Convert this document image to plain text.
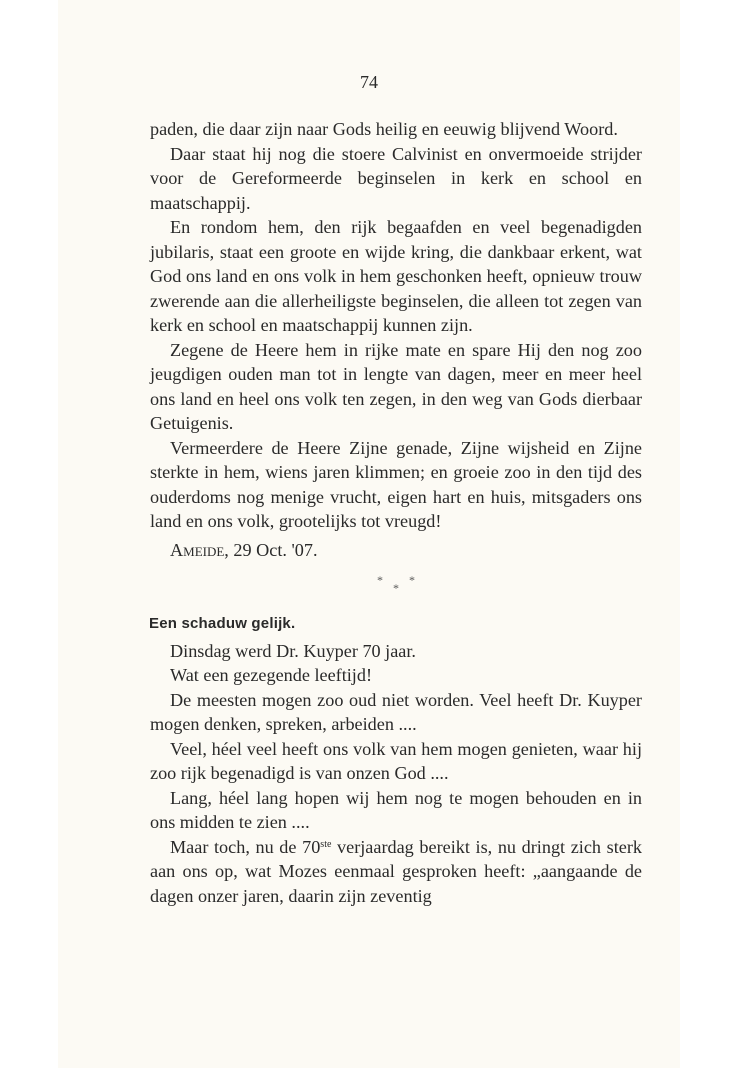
74

paden, die daar zijn naar Gods heilig en eeuwig blijvend Woord.

Daar staat hij nog die stoere Calvinist en onvermoeide strijder voor de Gereformeerde beginselen in kerk en school en maatschappij.

En rondom hem, den rijk begaafden en veel begenadigden jubilaris, staat een groote en wijde kring, die dankbaar erkent, wat God ons land en ons volk in hem geschonken heeft, opnieuw trouw zwerende aan die allerheiligste beginselen, die alleen tot zegen van kerk en school en maatschappij kunnen zijn.

Zegene de Heere hem in rijke mate en spare Hij den nog zoo jeugdigen ouden man tot in lengte van dagen, meer en meer heel ons land en heel ons volk ten zegen, in den weg van Gods dierbaar Getuigenis.

Vermeerdere de Heere Zijne genade, Zijne wijsheid en Zijne sterkte in hem, wiens jaren klimmen; en groeie zoo in den tijd des ouderdoms nog menige vrucht, eigen hart en huis, mitsgaders ons land en ons volk, grootelijks tot vreugd!

Ameide, 29 Oct. '07.

*
*
*

Een schaduw gelijk.

Dinsdag werd Dr. Kuyper 70 jaar.

Wat een gezegende leeftijd!

De meesten mogen zoo oud niet worden. Veel heeft Dr. Kuyper mogen denken, spreken, arbeiden ....

Veel, héel veel heeft ons volk van hem mogen genieten, waar hij zoo rijk begenadigd is van onzen God ....

Lang, héel lang hopen wij hem nog te mogen behouden en in ons midden te zien ....

Maar toch, nu de 70ste verjaardag bereikt is, nu dringt zich sterk aan ons op, wat Mozes eenmaal gesproken heeft: „aangaande de dagen onzer jaren, daarin zijn zeventig
